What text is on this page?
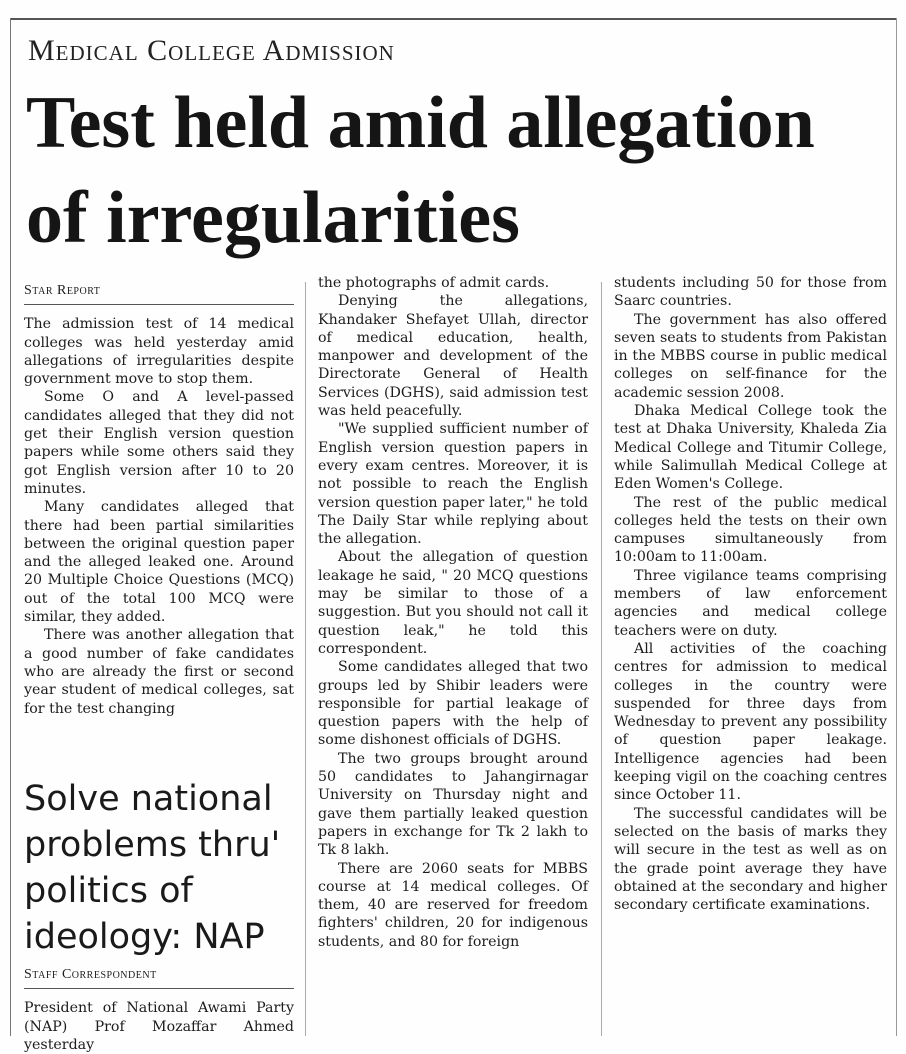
Medical College Admission
Test held amid allegation of irregularities

Star Report

The admission test of 14 medical colleges was held yesterday amid allegations of irregularities despite government move to stop them.

Some O and A level-passed candidates alleged that they did not get their English version question papers while some others said they got English version after 10 to 20 minutes.

Many candidates alleged that there had been partial similarities between the original question paper and the alleged leaked one. Around 20 Multiple Choice Questions (MCQ) out of the total 100 MCQ were similar, they added.

There was another allegation that a good number of fake candidates who are already the first or second year student of medical colleges, sat for the test changing

the photographs of admit cards.

Denying the allegations, Khandaker Shefayet Ullah, director of medical education, health, manpower and development of the Directorate General of Health Services (DGHS), said admission test was held peacefully.

"We supplied sufficient number of English version question papers in every exam centres. Moreover, it is not possible to reach the English version question paper later," he told The Daily Star while replying about the allegation.

About the allegation of question leakage he said, " 20 MCQ questions may be similar to those of a suggestion. But you should not call it question leak," he told this correspondent.

Some candidates alleged that two groups led by Shibir leaders were responsible for partial leakage of question papers with the help of some dishonest officials of DGHS.

The two groups brought around 50 candidates to Jahangirnagar University on Thursday night and gave them partially leaked question papers in exchange for Tk 2 lakh to Tk 8 lakh.

There are 2060 seats for MBBS course at 14 medical colleges. Of them, 40 are reserved for freedom fighters' children, 20 for indigenous students, and 80 for foreign

students including 50 for those from Saarc countries.

The government has also offered seven seats to students from Pakistan in the MBBS course in public medical colleges on self-finance for the academic session 2008.

Dhaka Medical College took the test at Dhaka University, Khaleda Zia Medical College and Titumir College, while Salimullah Medical College at Eden Women's College.

The rest of the public medical colleges held the tests on their own campuses simultaneously from 10:00am to 11:00am.

Three vigilance teams comprising members of law enforcement agencies and medical college teachers were on duty.

All activities of the coaching centres for admission to medical colleges in the country were suspended for three days from Wednesday to prevent any possibility of question paper leakage. Intelligence agencies had been keeping vigil on the coaching centres since October 11.

The successful candidates will be selected on the basis of marks they will secure in the test as well as on the grade point average they have obtained at the secondary and higher secondary certificate examinations.

Solve national problems thru' politics of ideology: NAP

Staff Correspondent

President of National Awami Party (NAP) Prof Mozaffar Ahmed yesterday
